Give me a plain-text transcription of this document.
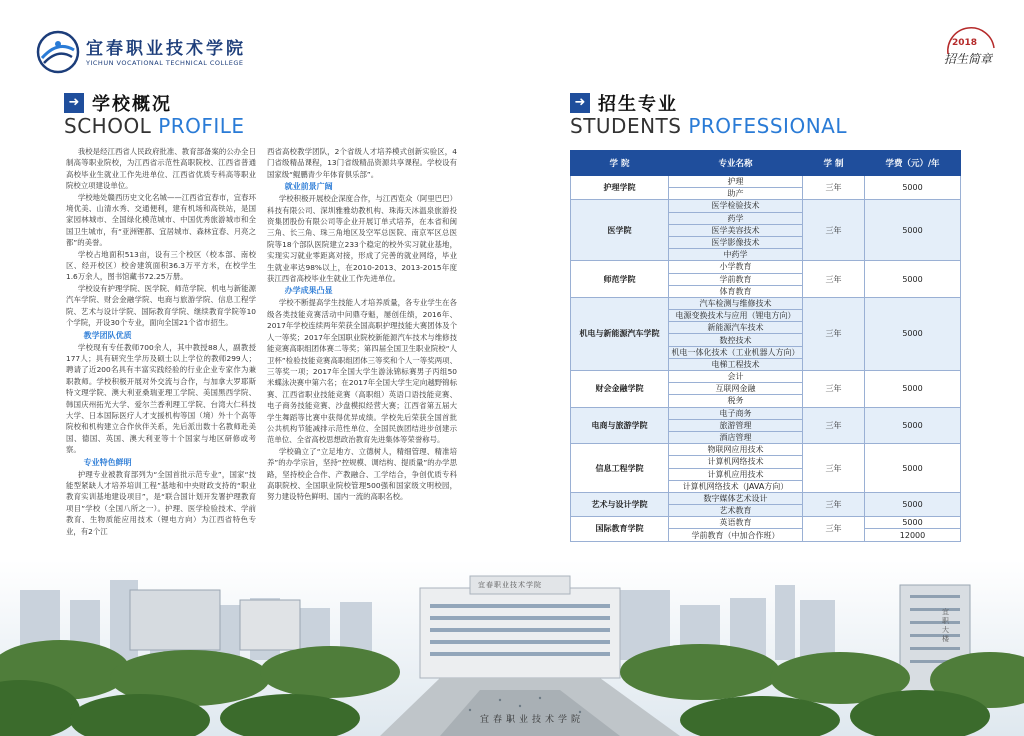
宜春职业技术学院
YICHUN VOCATIONAL TECHNICAL COLLEGE
2018
招生简章
➜ 学校概况
SCHOOL PROFILE

我校是经江西省人民政府批准、教育部备案的公办全日制高等职业院校，为江西省示范性高职院校、江西省普通高校毕业生就业工作先进单位、江西省优质专科高等职业院校立项建设单位。

学校地处赣西历史文化名城——江西省宜春市，宜春环境优美、山清水秀、交通便利，建有机场和高铁站，是国家园林城市、全国绿化模范城市、中国优秀旅游城市和全国卫生城市，有“亚洲锂都、宜居城市、森林宜春、月亮之都”的美誉。

学校占地面积513亩，设有三个校区（校本部、南校区、经开校区）校舍建筑面积36.3万平方米，在校学生1.6万余人，图书馆藏书72.25万册。

学校设有护理学院、医学院、师范学院、机电与新能源汽车学院、财会金融学院、电商与旅游学院、信息工程学院、艺术与设计学院、国际教育学院、继续教育学院等10个学院，开设30个专业，面向全国21个省市招生。

教学团队优质

学校现有专任教师700余人，其中教授88人，副教授177人；具有研究生学历及硕士以上学位的教师299人；聘请了近200名具有丰富实践经验的行业企业专家作为兼职教师。学校积极开展对外交流与合作，与加拿大罗耶斯特文理学院、澳大利亚桑瑞亚理工学院、美国黑西学院、韩国庆州拓光大学、爱尔兰香利理工学院、台湾大仁科技大学、日本国际医疗人才支援机构等国（境）外十个高等院校和机构建立合作伙伴关系，先后派出数十名教师赴美国、德国、英国、澳大利亚等十个国家与地区研修或考察。

专业特色鲜明

护理专业被教育部列为“全国首批示范专业”，国家“技能型紧缺人才培养培训工程”基地和中央财政支持的“职业教育实训基地建设项目”，是“联合国计划开发署护理教育项目”学校（全国八所之一）。护理、医学检验技术、学前教育、生物质能应用技术（锂电方向）为江西省特色专业，有2个江

西省高校教学团队，2个省级人才培养模式创新实验区，4门省级精品课程，13门省级精品资源共享课程。学校设有国家级“鲲鹏青少年体育俱乐部”。

就业前景广阔

学校积极开展校企深度合作，与江西览众（阿里巴巴）科技有限公司、深圳雅雅幼教机构、珠海天沐温泉旅游投资集团股份有限公司等企业开展订单式培养，在本省和闽三角、长三角、珠三角地区及空军总医院、南京军区总医院等18个部队医院建立233个稳定的校外实习就业基地，实现实习就业零距离对接，形成了完善的就业网络，毕业生就业率达98%以上，在2010-2013、2013-2015年度获江西省高校毕业生就业工作先进单位。

办学成果凸显

学校不断提高学生技能人才培养质量，各专业学生在各级各类技能竞赛活动中问鼎夺魁，屡创佳绩，2016年、2017年学校连续两年荣获全国高职护理技能大赛团体及个人一等奖；2017年全国职业院校新能源汽车技术与维修技能竞赛高职组团体赛二等奖；第四届全国卫生职业院校“人卫杯”检验技能竞赛高职组团体三等奖和个人一等奖两项、三等奖一项；2017年全国大学生游泳锦标赛男子丙组50米蝶泳决赛中第六名；在2017年全国大学生定向越野锦标赛、江西省职业技能竞赛（高职组）英语口语技能竞赛、电子商务技能竞赛、沙盘模拟经营大赛；江西省第五届大学生舞蹈等比赛中获得优异成绩。学校先后荣获全国首批公共机构节能减排示范性单位、全国民族团结进步创建示范单位、全省高校思想政治教育先进集体等荣誉称号。

学校确立了“立足地方、立德树人，精细管理、精准培养”的办学宗旨，坚持“控规模、调结构、提质量”的办学思路，坚持校企合作、产教融合、工学结合，争创优质专科高职院校、全国职业院校管理500强和国家级文明校园，努力建设特色鲜明、国内一流的高职名校。

➜ 招生专业
STUDENTS PROFESSIONAL
学 院	专业名称	学 制	学费（元）/年
护理学院	护理	三年	5000
	助产		
医学院	医学检验技术	三年	5000
	药学		
	医学美容技术		
	医学影像技术		
	中药学		
师范学院	小学教育	三年	5000
	学前教育		
	体育教育		
机电与新能源汽车学院	汽车检测与维修技术	三年	5000
	电源变换技术与应用（锂电方向）		
	新能源汽车技术		
	数控技术		
	机电一体化技术（工业机器人方向）		
	电梯工程技术		
财会金融学院	会计	三年	5000
	互联网金融		
	税务		
电商与旅游学院	电子商务	三年	5000
	旅游管理		
	酒店管理		
信息工程学院	物联网应用技术	三年	5000
	计算机网络技术		
	计算机应用技术		
	计算机网络技术（JAVA方向）		
艺术与设计学院	数字媒体艺术设计	三年	5000
	艺术教育		
国际教育学院	英语教育	三年	5000
	学前教育（中加合作班）		12000
宜春职业技术学院
宜春职业技术学院
宜职大楼
